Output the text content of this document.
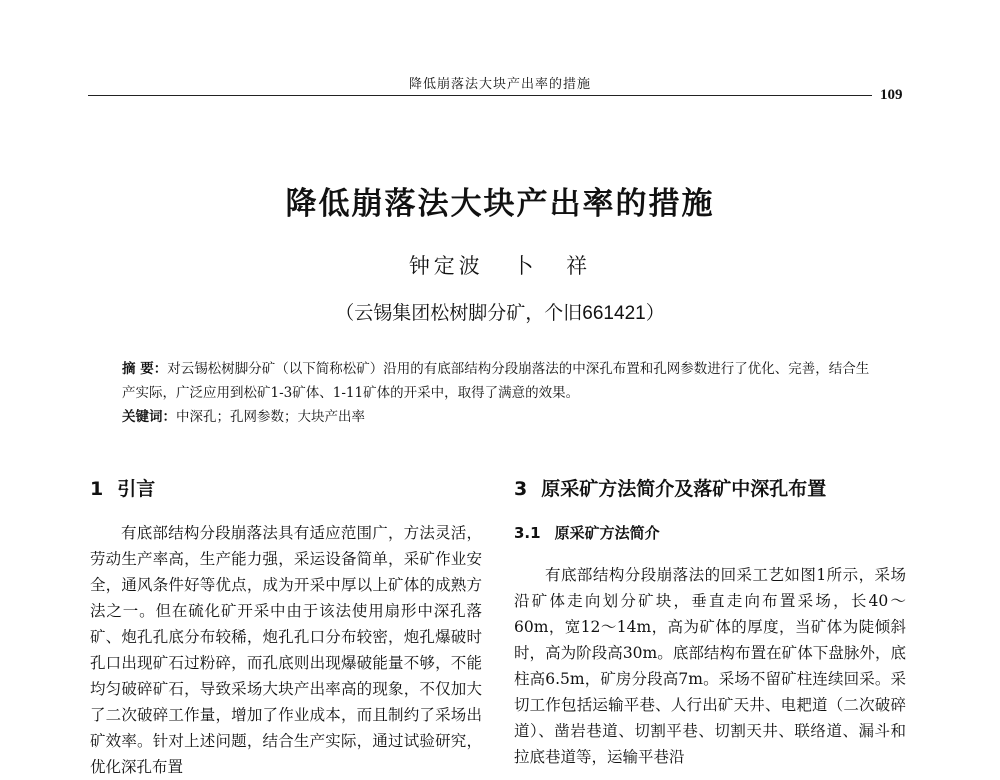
降低崩落法大块产出率的措施
109
降低崩落法大块产出率的措施
钟定波 卜 祥
（云锡集团松树脚分矿，个旧661421）

摘 要：对云锡松树脚分矿（以下简称松矿）沿用的有底部结构分段崩落法的中深孔布置和孔网参数进行了优化、完善，结合生产实际，广泛应用到松矿1-3矿体、1-11矿体的开采中，取得了满意的效果。

关键词：中深孔；孔网参数；大块产出率

1 引言

有底部结构分段崩落法具有适应范围广，方法灵活，劳动生产率高，生产能力强，采运设备简单，采矿作业安全，通风条件好等优点，成为开采中厚以上矿体的成熟方法之一。但在硫化矿开采中由于该法使用扇形中深孔落矿、炮孔孔底分布较稀，炮孔孔口分布较密，炮孔爆破时孔口出现矿石过粉碎，而孔底则出现爆破能量不够，不能均匀破碎矿石，导致采场大块产出率高的现象，不仅加大了二次破碎工作量，增加了作业成本，而且制约了采场出矿效率。针对上述问题，结合生产实际，通过试验研究，优化深孔布置

3 原采矿方法简介及落矿中深孔布置
3.1 原采矿方法简介

有底部结构分段崩落法的回采工艺如图1所示，采场沿矿体走向划分矿块，垂直走向布置采场，长40～60m，宽12～14m，高为矿体的厚度，当矿体为陡倾斜时，高为阶段高30m。底部结构布置在矿体下盘脉外，底柱高6.5m，矿房分段高7m。采场不留矿柱连续回采。采切工作包括运输平巷、人行出矿天井、电耙道（二次破碎道）、凿岩巷道、切割平巷、切割天井、联络道、漏斗和拉底巷道等，运输平巷沿
